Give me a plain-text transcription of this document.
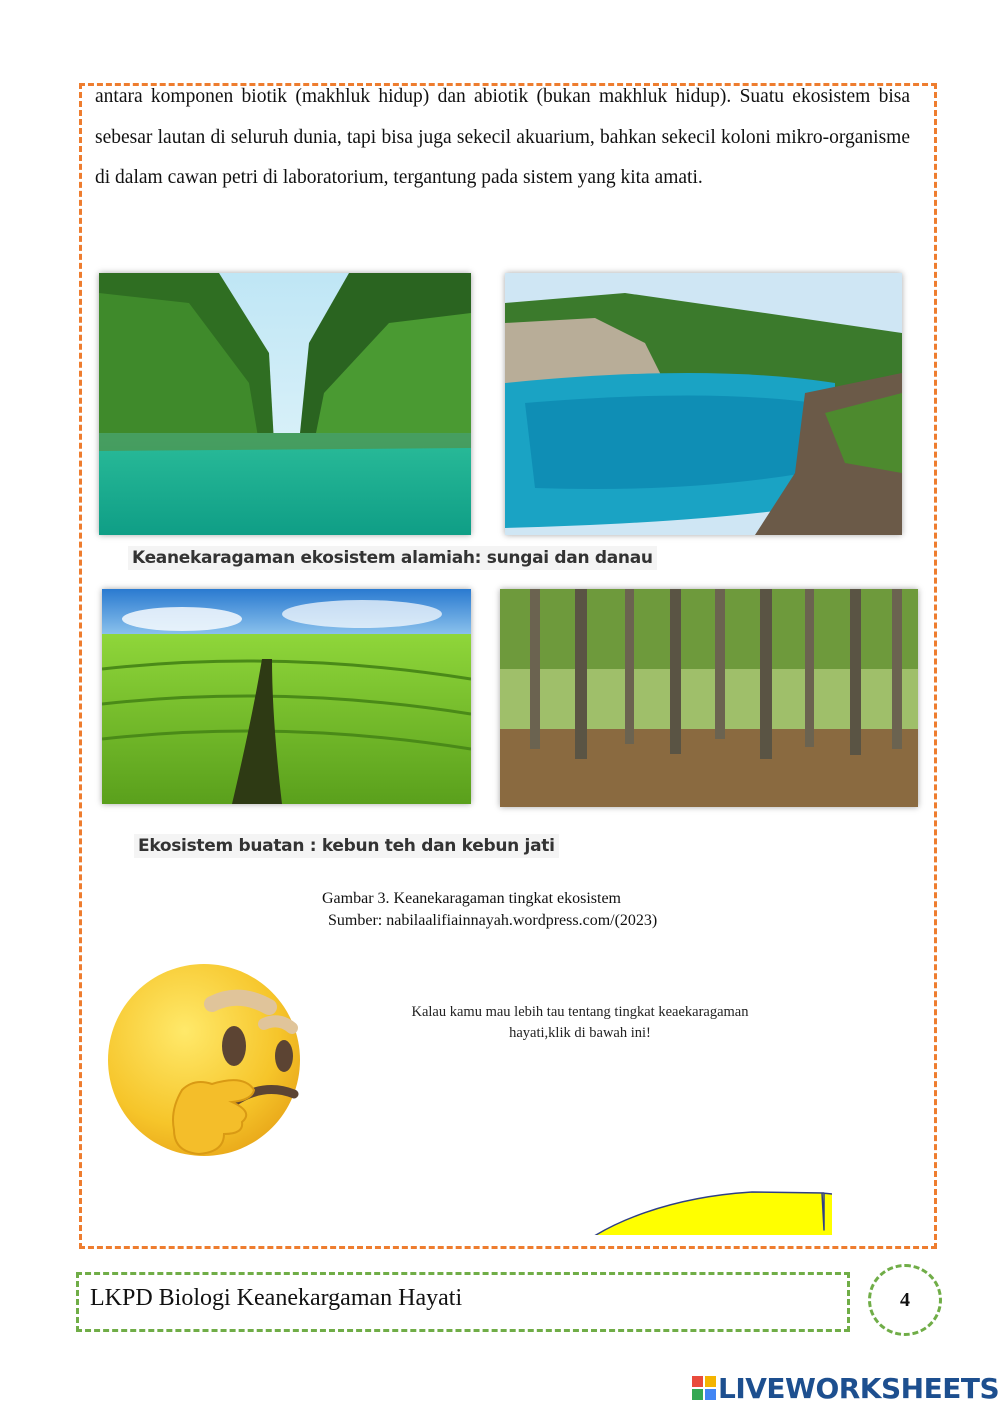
antara komponen biotik (makhluk hidup) dan abiotik (bukan makhluk hidup). Suatu ekosistem bisa sebesar lautan di seluruh dunia, tapi bisa juga sekecil akuarium, bahkan sekecil koloni mikro-organisme di dalam cawan petri di laboratorium, tergantung pada sistem yang kita amati.

Keanekaragaman ekosistem alamiah: sungai dan danau
Ekosistem buatan : kebun teh dan kebun jati
Gambar 3. Keanekaragaman tingkat ekosistem
Sumber: nabilaalifiainnayah.wordpress.com/(2023)
Kalau kamu mau lebih tau tentang tingkat keaekaragaman hayati,klik di bawah ini!
LKPD Biologi Keanekargaman Hayati	4
LIVEWORKSHEETS
